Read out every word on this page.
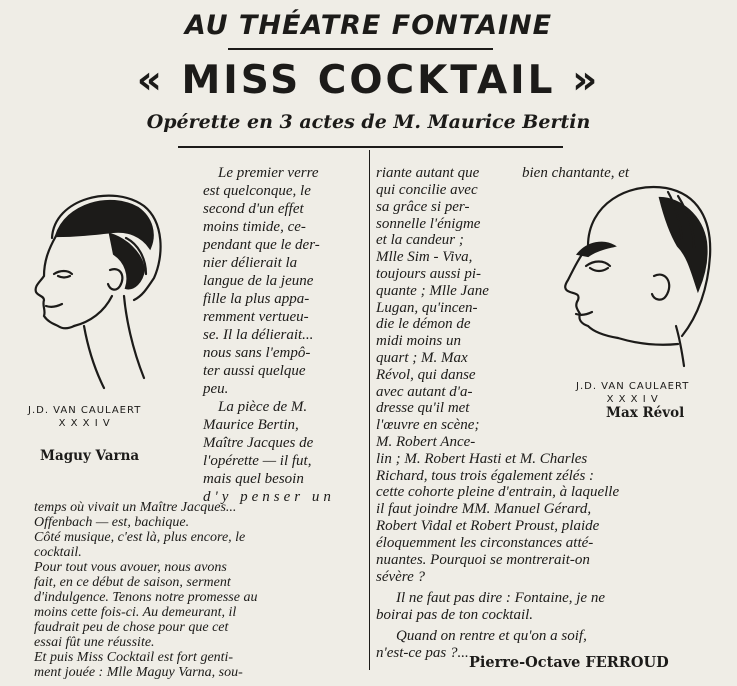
AU THÉATRE FONTAINE
« MISS COCKTAIL »
Opérette en 3 actes de M. Maurice Bertin
J.D. VAN CAULAERT
X X X I V
Maguy Varna
J.D. VAN CAULAERT
X X X I V
Max Révol
Le premier verre
est quelconque, le
second d'un effet
moins timide, ce-
pendant que le der-
nier délierait la
langue de la jeune
fille la plus appa-
remment vertueu-
se. Il la délierait...
nous sans l'empô-
ter aussi quelque
peu.
La pièce de M.
Maurice Bertin,
Maître Jacques de
l'opérette — il fut,
mais quel besoin
d'y penser un
temps où vivait un Maître Jacques...
Offenbach — est, bachique.
Côté musique, c'est là, plus encore, le
cocktail.
Pour tout vous avouer, nous avons
fait, en ce début de saison, serment
d'indulgence. Tenons notre promesse au
moins cette fois-ci. Au demeurant, il
faudrait peu de chose pour que cet
essai fût une réussite.
Et puis Miss Cocktail est fort genti-
ment jouée : Mlle Maguy Varna, sou-
riante autant que	bien chantante, et
qui concilie avec
sa grâce si per-
sonnelle l'énigme
et la candeur ;
Mlle Sim - Viva,
toujours aussi pi-
quante ; Mlle Jane
Lugan, qu'incen-
die le démon de
midi moins un
quart ; M. Max
Révol, qui danse
avec autant d'a-
dresse qu'il met
l'œuvre en scène;
M. Robert Ance-
lin ; M. Robert Hasti et M. Charles
Richard, tous trois également zélés :
cette cohorte pleine d'entrain, à laquelle
il faut joindre MM. Manuel Gérard,
Robert Vidal et Robert Proust, plaide
éloquemment les circonstances atté-
nuantes. Pourquoi se montrerait-on
sévère ?
Il ne faut pas dire : Fontaine, je ne
boirai pas de ton cocktail.
Quand on rentre et qu'on a soif,
n'est-ce pas ?...
Pierre-Octave FERROUD
